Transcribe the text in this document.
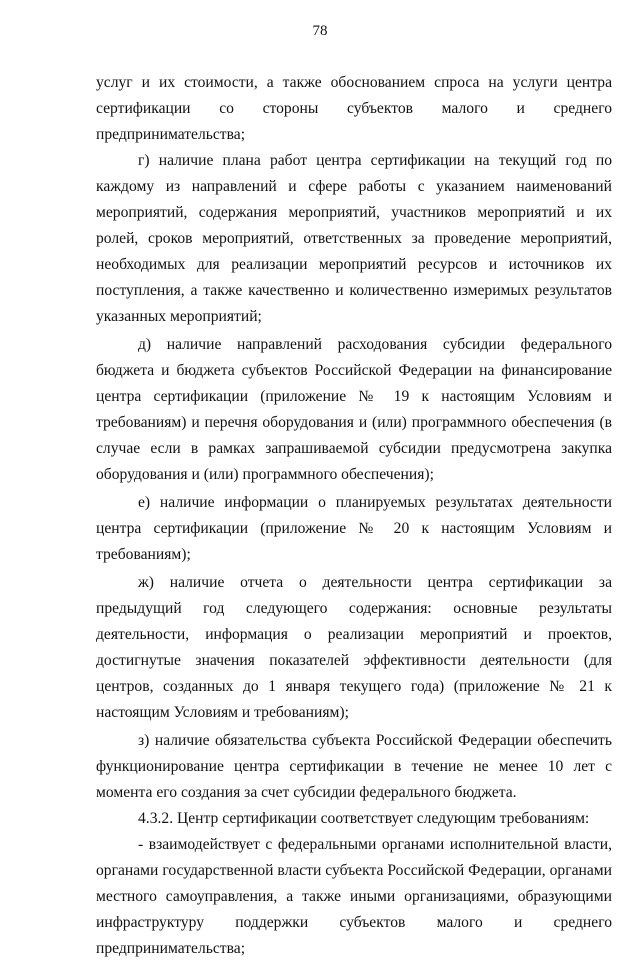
78

услуг и их стоимости, а также обоснованием спроса на услуги центра сертификации со стороны субъектов малого и среднего предпринимательства;

г) наличие плана работ центра сертификации на текущий год по каждому из направлений и сфере работы с указанием наименований мероприятий, содержания мероприятий, участников мероприятий и их ролей, сроков мероприятий, ответственных за проведение мероприятий, необходимых для реализации мероприятий ресурсов и источников их поступления, а также качественно и количественно измеримых результатов указанных мероприятий;

д) наличие направлений расходования субсидии федерального бюджета и бюджета субъектов Российской Федерации на финансирование центра сертификации (приложение № 19 к настоящим Условиям и требованиям) и перечня оборудования и (или) программного обеспечения (в случае если в рамках запрашиваемой субсидии предусмотрена закупка оборудования и (или) программного обеспечения);

е) наличие информации о планируемых результатах деятельности центра сертификации (приложение № 20 к настоящим Условиям и требованиям);

ж) наличие отчета о деятельности центра сертификации за предыдущий год следующего содержания: основные результаты деятельности, информация о реализации мероприятий и проектов, достигнутые значения показателей эффективности деятельности (для центров, созданных до 1 января текущего года) (приложение № 21 к настоящим Условиям и требованиям);

з) наличие обязательства субъекта Российской Федерации обеспечить функционирование центра сертификации в течение не менее 10 лет с момента его создания за счет субсидии федерального бюджета.

4.3.2. Центр сертификации соответствует следующим требованиям:

- взаимодействует с федеральными органами исполнительной власти, органами государственной власти субъекта Российской Федерации, органами местного самоуправления, а также иными организациями, образующими инфраструктуру поддержки субъектов малого и среднего предпринимательства;
